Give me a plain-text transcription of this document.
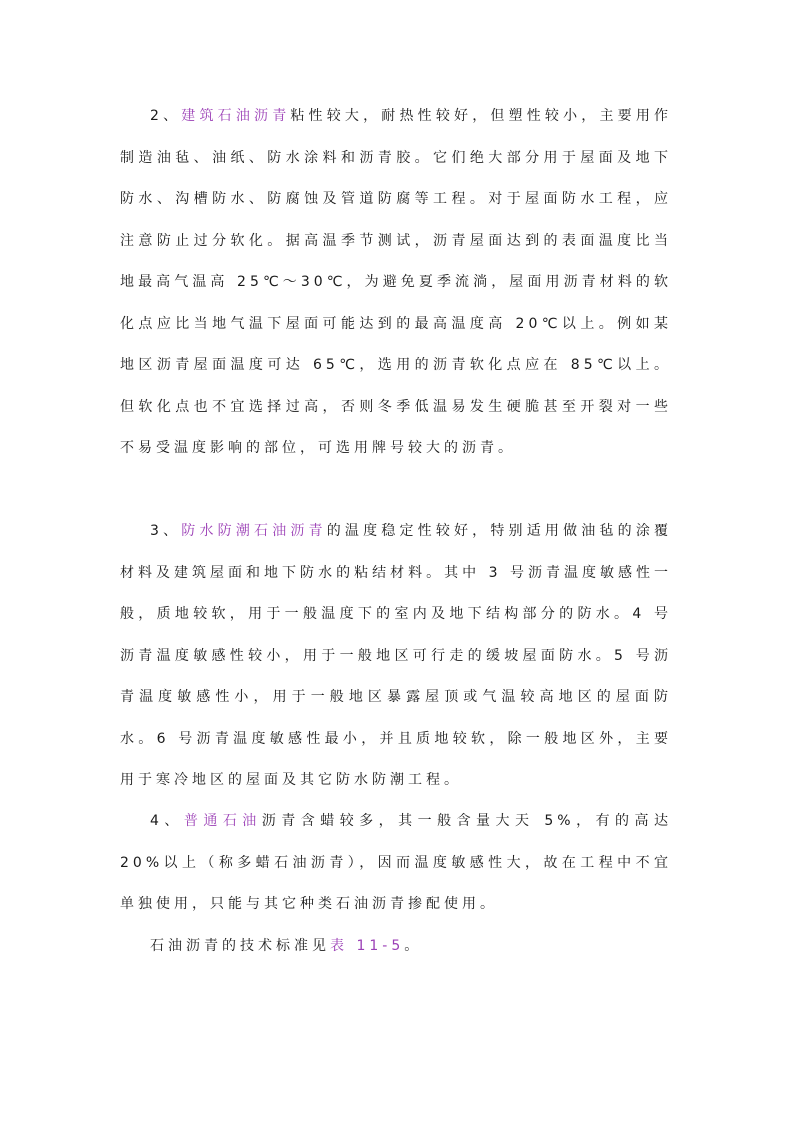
2、建筑石油沥青粘性较大，耐热性较好，但塑性较小，主要用作制造油毡、油纸、防水涂料和沥青胶。它们绝大部分用于屋面及地下防水、沟槽防水、防腐蚀及管道防腐等工程。对于屋面防水工程，应注意防止过分软化。据高温季节测试，沥青屋面达到的表面温度比当地最高气温高 25℃～30℃，为避免夏季流淌，屋面用沥青材料的软化点应比当地气温下屋面可能达到的最高温度高 20℃以上。例如某地区沥青屋面温度可达 65℃，选用的沥青软化点应在 85℃以上。但软化点也不宜选择过高，否则冬季低温易发生硬脆甚至开裂对一些不易受温度影响的部位，可选用牌号较大的沥青。

3、防水防潮石油沥青的温度稳定性较好，特别适用做油毡的涂覆材料及建筑屋面和地下防水的粘结材料。其中 3 号沥青温度敏感性一般，质地较软，用于一般温度下的室内及地下结构部分的防水。4 号沥青温度敏感性较小，用于一般地区可行走的缓坡屋面防水。5 号沥青温度敏感性小，用于一般地区暴露屋顶或气温较高地区的屋面防水。6 号沥青温度敏感性最小，并且质地较软，除一般地区外，主要用于寒冷地区的屋面及其它防水防潮工程。

4、普通石油沥青含蜡较多，其一般含量大天 5%，有的高达 20%以上（称多蜡石油沥青），因而温度敏感性大，故在工程中不宜单独使用，只能与其它种类石油沥青掺配使用。

石油沥青的技术标准见表 11-5。
